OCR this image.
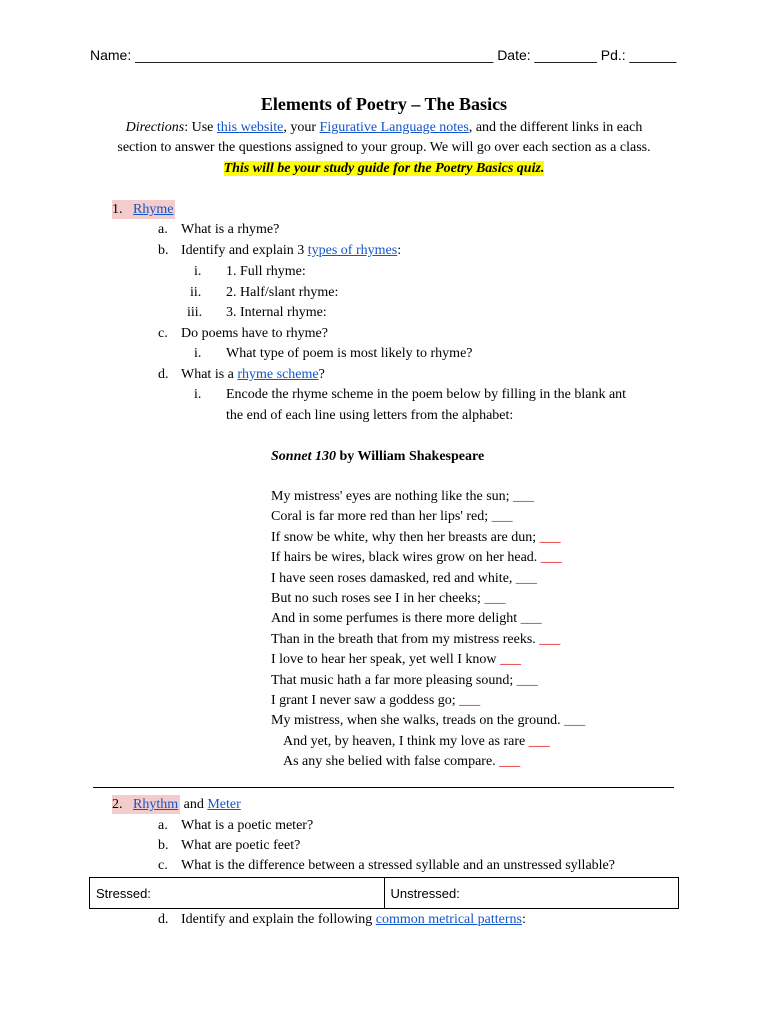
Name: ______________________________________________ Date: ________ Pd.: ______
Elements of Poetry – The Basics
Directions: Use this website, your Figurative Language notes, and the different links in each
section to answer the questions assigned to your group. We will go over each section as a class.
This will be your study guide for the Poetry Basics quiz.
1. Rhyme
a. What is a rhyme?
b. Identify and explain 3 types of rhymes:
i. 1. Full rhyme:
ii. 2. Half/slant rhyme:
iii. 3. Internal rhyme:
c. Do poems have to rhyme?
i. What type of poem is most likely to rhyme?
d. What is a rhyme scheme?
i. Encode the rhyme scheme in the poem below by filling in the blank ant
the end of each line using letters from the alphabet:
Sonnet 130 by William Shakespeare
My mistress' eyes are nothing like the sun; ___
Coral is far more red than her lips' red; ___
If snow be white, why then her breasts are dun; ___
If hairs be wires, black wires grow on her head. ___
I have seen roses damasked, red and white, ___
But no such roses see I in her cheeks; ___
And in some perfumes is there more delight ___
Than in the breath that from my mistress reeks. ___
I love to hear her speak, yet well I know ___
That music hath a far more pleasing sound; ___
I grant I never saw a goddess go; ___
My mistress, when she walks, treads on the ground. ___
And yet, by heaven, I think my love as rare ___
As any she belied with false compare. ___
2. Rhythm and Meter
a. What is a poetic meter?
b. What are poetic feet?
c. What is the difference between a stressed syllable and an unstressed syllable?
Stressed:	Unstressed:
d. Identify and explain the following common metrical patterns:
